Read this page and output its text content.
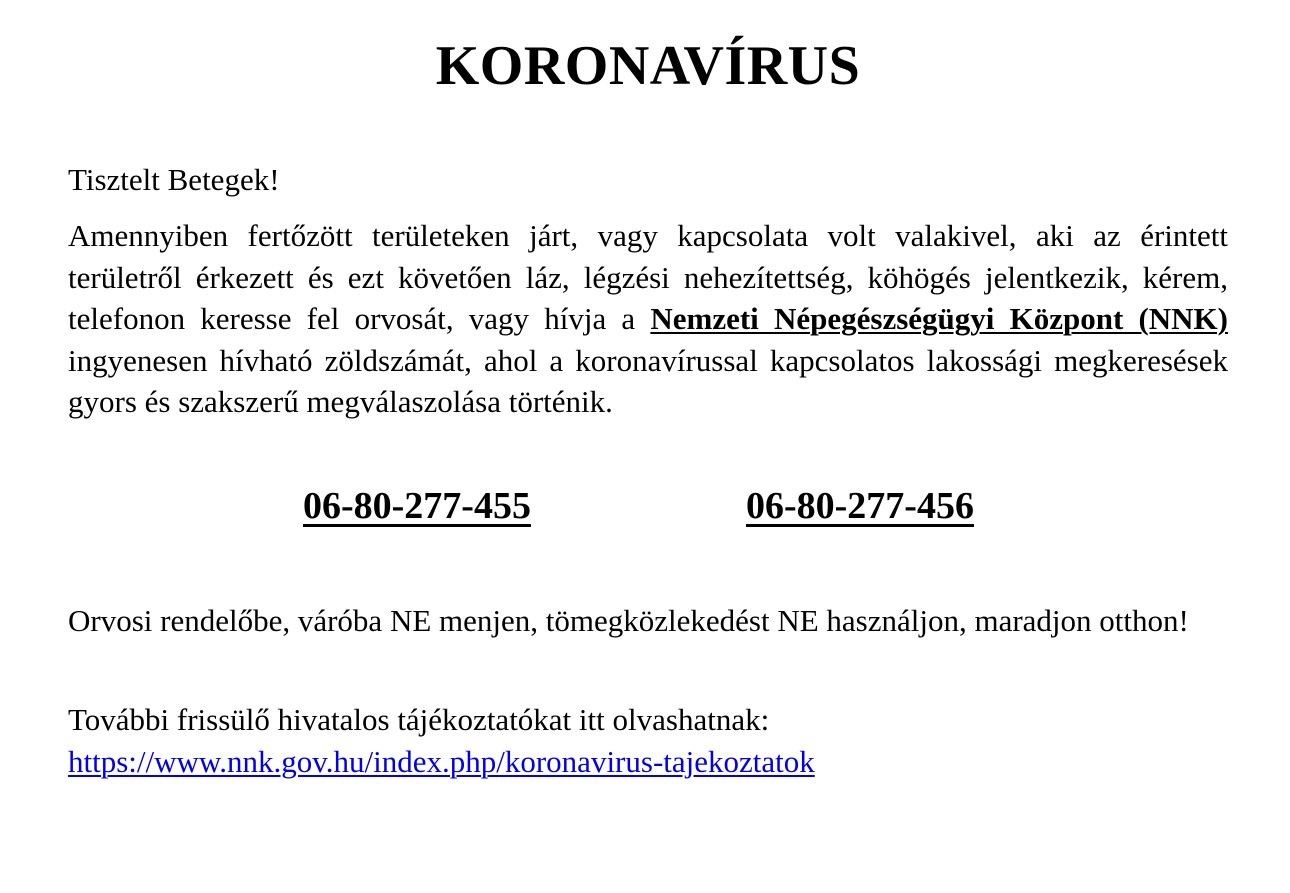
KORONAVÍRUS

Tisztelt Betegek!

Amennyiben fertőzött területeken járt, vagy kapcsolata volt valakivel, aki az érintett területről érkezett és ezt követően láz, légzési nehezítettség, köhögés jelentkezik, kérem, telefonon keresse fel orvosát, vagy hívja a Nemzeti Népegészségügyi Központ (NNK) ingyenesen hívható zöldszámát, ahol a koronavírussal kapcsolatos lakossági megkeresések gyors és szakszerű megválaszolása történik.

06-80-277-455	06-80-277-456

Orvosi rendelőbe, váróba NE menjen, tömegközlekedést NE használjon, maradjon otthon!

További frissülő hivatalos tájékoztatókat itt olvashatnak:
https://www.nnk.gov.hu/index.php/koronavirus-tajekoztatok
